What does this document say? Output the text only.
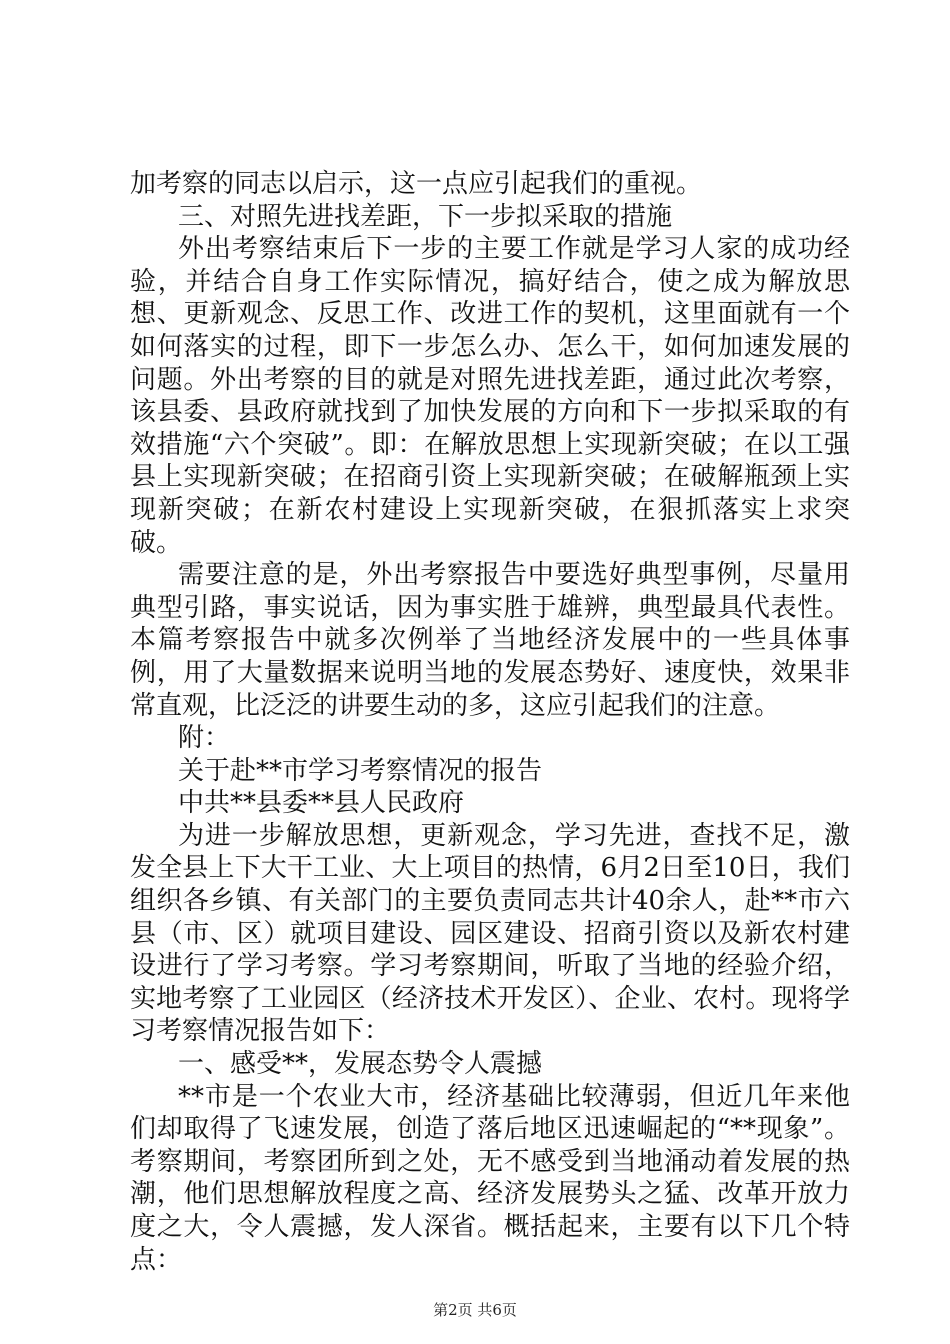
加考察的同志以启示，这一点应引起我们的重视。

三、对照先进找差距，下一步拟采取的措施

外出考察结束后下一步的主要工作就是学习人家的成功经验，并结合自身工作实际情况，搞好结合，使之成为解放思想、更新观念、反思工作、改进工作的契机，这里面就有一个如何落实的过程，即下一步怎么办、怎么干，如何加速发展的问题。外出考察的目的就是对照先进找差距，通过此次考察，该县委、县政府就找到了加快发展的方向和下一步拟采取的有效措施“六个突破”。即：在解放思想上实现新突破；在以工强县上实现新突破；在招商引资上实现新突破；在破解瓶颈上实现新突破；在新农村建设上实现新突破，在狠抓落实上求突破。

需要注意的是，外出考察报告中要选好典型事例，尽量用典型引路，事实说话，因为事实胜于雄辨，典型最具代表性。本篇考察报告中就多次例举了当地经济发展中的一些具体事例，用了大量数据来说明当地的发展态势好、速度快，效果非常直观，比泛泛的讲要生动的多，这应引起我们的注意。

附：

关于赴**市学习考察情况的报告

中共**县委**县人民政府

为进一步解放思想，更新观念，学习先进，查找不足，激发全县上下大干工业、大上项目的热情，6月2日至10日，我们组织各乡镇、有关部门的主要负责同志共计40余人，赴**市六县（市、区）就项目建设、园区建设、招商引资以及新农村建设进行了学习考察。学习考察期间，听取了当地的经验介绍，实地考察了工业园区（经济技术开发区）、企业、农村。现将学习考察情况报告如下：

一、感受**，发展态势令人震撼

**市是一个农业大市，经济基础比较薄弱，但近几年来他们却取得了飞速发展，创造了落后地区迅速崛起的“**现象”。考察期间，考察团所到之处，无不感受到当地涌动着发展的热潮，他们思想解放程度之高、经济发展势头之猛、改革开放力度之大，令人震撼，发人深省。概括起来，主要有以下几个特点：

第2页 共6页
